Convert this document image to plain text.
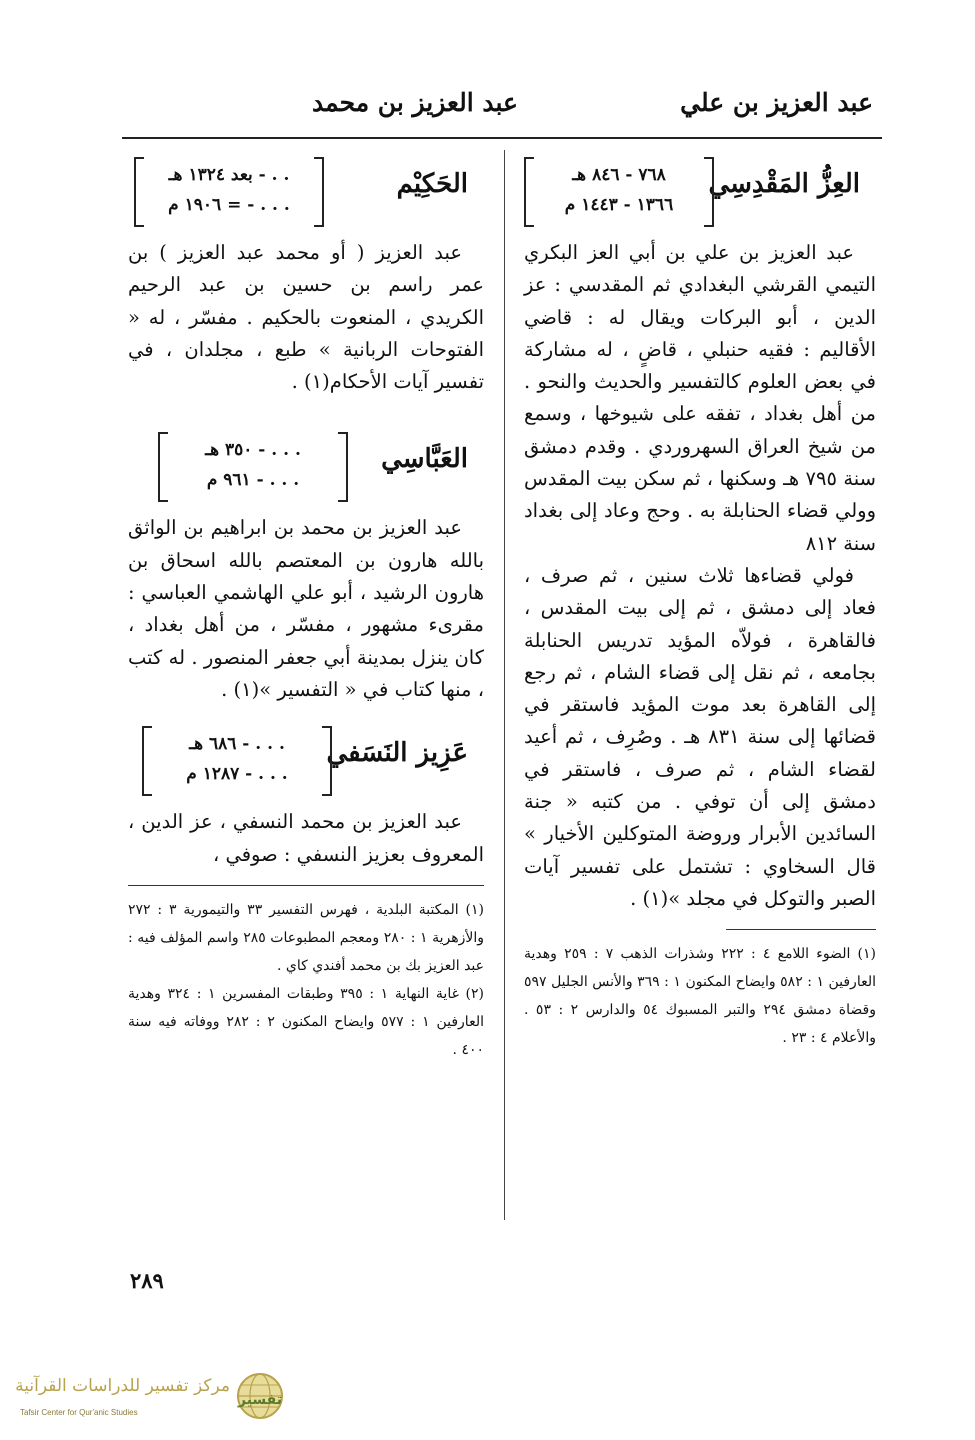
عبد العزيز بن علي
عبد العزيز بن محمد
العِزُّ المَقْدِسِي
٧٦٨ - ٨٤٦ هـ
١٣٦٦ - ١٤٤٣ م

عبد العزيز بن علي بن أبي العز البكري التيمي القرشي البغدادي ثم المقدسي : عز الدين ، أبو البركات ويقال له : قاضي الأقاليم : فقيه حنبلي ، قاضٍ ، له مشاركة في بعض العلوم كالتفسير والحديث والنحو . من أهل بغداد ، تفقه على شيوخها ، وسمع من شيخ العراق السهروردي . وقدم دمشق سنة ٧٩٥ هـ وسكنها ، ثم سكن بيت المقدس وولي قضاء الحنابلة به . وحج وعاد إلى بغداد سنة ٨١٢

فولي قضاءها ثلاث سنين ، ثم صرف ، فعاد إلى دمشق ، ثم إلى بيت المقدس ، فالقاهرة ، فولاّه المؤيد تدريس الحنابلة بجامعه ، ثم نقل إلى قضاء الشام ، ثم رجع إلى القاهرة بعد موت المؤيد فاستقر في قضائها إلى سنة ٨٣١ هـ . وصُرِف ، ثم أعيد لقضاء الشام ، ثم صرف ، فاستقر في دمشق إلى أن توفي . من كتبه « جنة السائدين الأبرار وروضة المتوكلين الأخيار » قال السخاوي : تشتمل على تفسير آيات الصبر والتوكل في مجلد »(١) .

(١) الضوء اللامع ٤ : ٢٢٢ وشذرات الذهب ٧ : ٢٥٩ وهدية العارفين ١ : ٥٨٢ وايضاح المكنون ١ : ٣٦٩ والأنس الجليل ٥٩٧ وقضاة دمشق ٢٩٤ والتبر المسبوك ٥٤ والدارس ٢ : ٥٣ . والأعلام ٤ : ٢٣ .

الحَكِيْم
. . - بعد ١٣٢٤ هـ
. . . - = ١٩٠٦ م

عبد العزيز ( أو محمد عبد العزيز ) بن عمر راسم بن حسين بن عبد الرحيم الكريدي ، المنعوت بالحكيم . مفسّر ، له « الفتوحات الربانية » طبع ، مجلدان ، في تفسير آيات الأحكام(١) .

العَبَّاسِي
. . . - ٣٥٠ هـ
. . . - ٩٦١ م

عبد العزيز بن محمد بن ابراهيم بن الواثق بالله هارون بن المعتصم بالله اسحاق بن هارون الرشيد ، أبو علي الهاشمي العباسي : مقرىء مشهور ، مفسّر ، من أهل بغداد ، كان ينزل بمدينة أبي جعفر المنصور . له كتب ، منها كتاب في « التفسير »(١) .

عَزِيز النَسَفي
. . . - ٦٨٦ هـ
. . . - ١٢٨٧ م

عبد العزيز بن محمد النسفي ، عز الدين ، المعروف بعزيز النسفي : صوفي ،

(١) المكتبة البلدية ، فهرس التفسير ٣٣ والتيمورية ٣ : ٢٧٢ والأزهرية ١ : ٢٨٠ ومعجم المطبوعات ٢٨٥ واسم المؤلف فيه : عبد العزيز بك بن محمد أفندي كاي .

(٢) غاية النهاية ١ : ٣٩٥ وطبقات المفسرين ١ : ٣٢٤ وهدية العارفين ١ : ٥٧٧ وايضاح المكنون ٢ : ٢٨٢ ووفاته فيه سنة ٤٠٠ .

٢٨٩
مركز تفسير للدراسات القرآنية
Tafsir Center for Qur'anic Studies
تفسير
